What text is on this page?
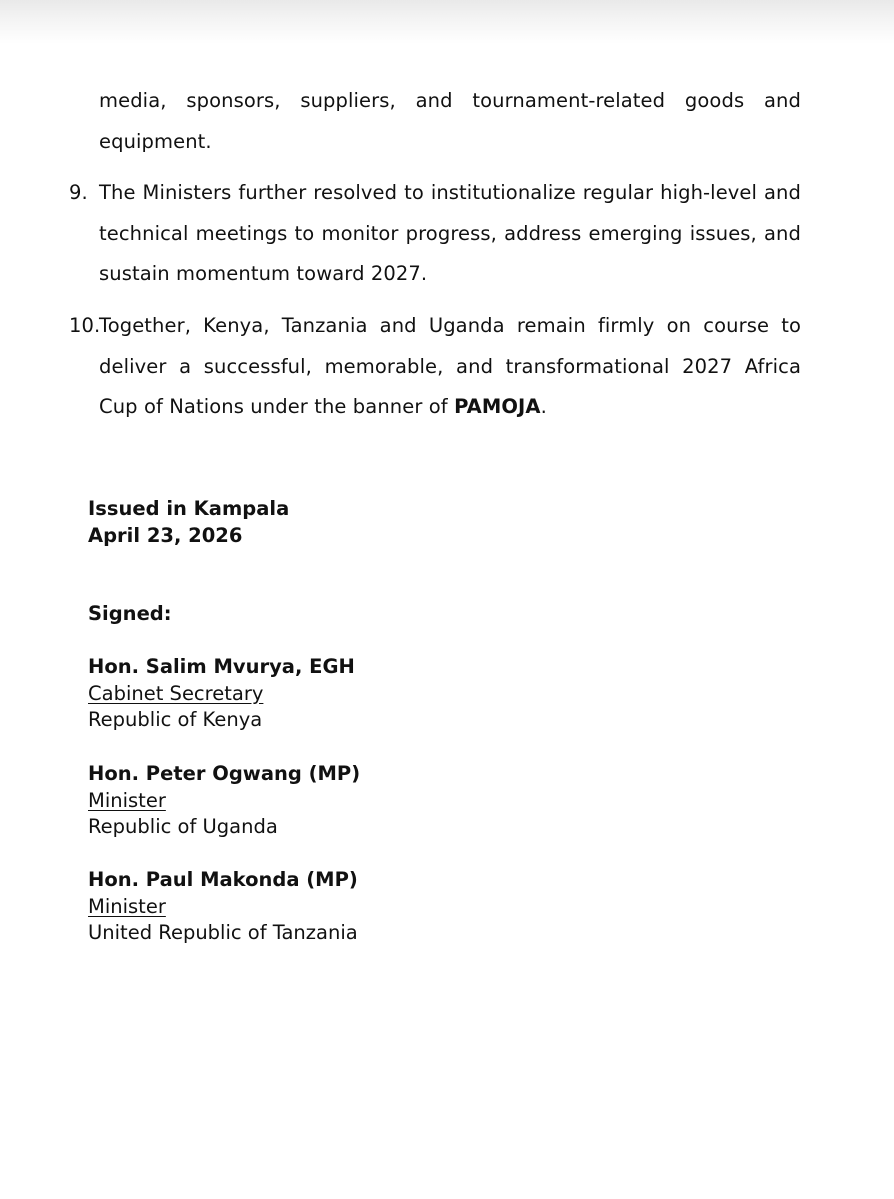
media, sponsors, suppliers, and tournament-related goods and equipment.
9. The Ministers further resolved to institutionalize regular high-level and technical meetings to monitor progress, address emerging issues, and sustain momentum toward 2027.
10.
Together, Kenya, Tanzania and Uganda remain firmly on course to deliver a successful, memorable, and transformational 2027 Africa Cup of Nations under the banner of PAMOJA.
Issued in Kampala
April 23, 2026
Signed:
Hon. Salim Mvurya, EGH
Cabinet Secretary
Republic of Kenya
Hon. Peter Ogwang (MP)
Minister
Republic of Uganda
Hon. Paul Makonda (MP)
Minister
United Republic of Tanzania
